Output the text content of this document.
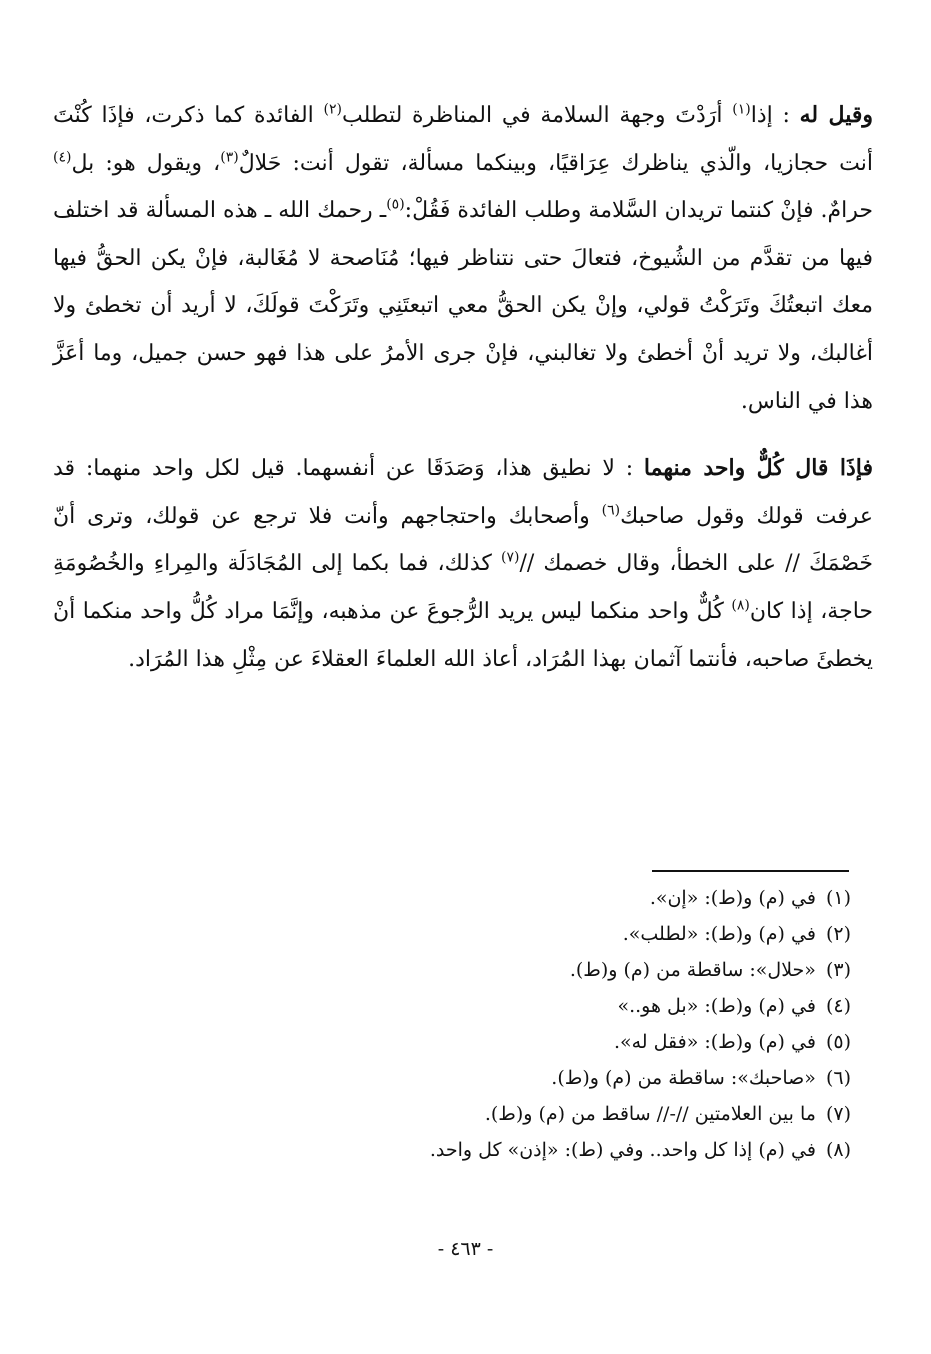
وقيل له : إذا$^{(١)}$ أرَدْتَ وجهة السلامة في المناظرة لتطلب$^{(٢)}$ الفائدة كما ذكرت، فإذَا كُنْتَ أنت حجازيا، والّذي يناظرك عِرَاقيًا، وبينكما مسألة، تقول أنت: حَلالٌ$^{(٣)}$، ويقول هو: بل$^{(٤)}$ حرامٌ. فإنْ كنتما تريدان السَّلامة وطلب الفائدة فَقُلْ:$^{(٥)}$ـ رحمك الله ـ هذه المسألة قد اختلف فيها من تقدَّم من الشُيوخ، فتعالَ حتى نتناظر فيها؛ مُنَاصحة لا مُغَالبة، فإنْ يكن الحقُّ فيها معك اتبعتُكَ وتَرَكْتُ قولي، وإنْ يكن الحقُّ معي اتبعتَنِي وتَرَكْتَ قولَكَ، لا أريد أن تخطئ ولا أغالبك، ولا تريد أنْ أخطئ ولا تغالبني، فإنْ جرى الأمرُ على هذا فهو حسن جميل، وما أعَزَّ هذا في الناس.

فإذَا قال كُلٌّ واحد منهما : لا نطيق هذا، وَصَدَقَا عن أنفسهما. قيل لكل واحد منهما: قد عرفت قولك وقول صاحبك$^{(٦)}$ وأصحابك واحتجاجهم وأنت فلا ترجع عن قولك، وترى أنّ خَصْمَكَ // على الخطأ، وقال خصمك //$^{(٧)}$ كذلك، فما بكما إلى المُجَادَلَة والمِراءِ والخُصُومَةِ حاجة، إذا كان$^{(٨)}$ كُلٌّ واحد منكما ليس يريد الرُّجوعَ عن مذهبه، وإنَّمَا مراد كُلُّ واحد منكما أنْ يخطئَ صاحبه، فأنتما آثمان بهذا المُرَاد، أعاذ الله العلماءَ العقلاءَ عن مِثْلِ هذا المُرَاد.

(١)في (م) و(ط): «إن».
(٢)في (م) و(ط): «لطلب».
(٣)«حلال»: ساقطة من (م) و(ط).
(٤)في (م) و(ط): «بل هو..»
(٥)في (م) و(ط): «فقل له».
(٦)«صاحبك»: ساقطة من (م) و(ط).
(٧)ما بين العلامتين //-// ساقط من (م) و(ط).
(٨)في (م) إذا كل واحد.. وفي (ط): «إذن» كل واحد.
- ٤٦٣ -
